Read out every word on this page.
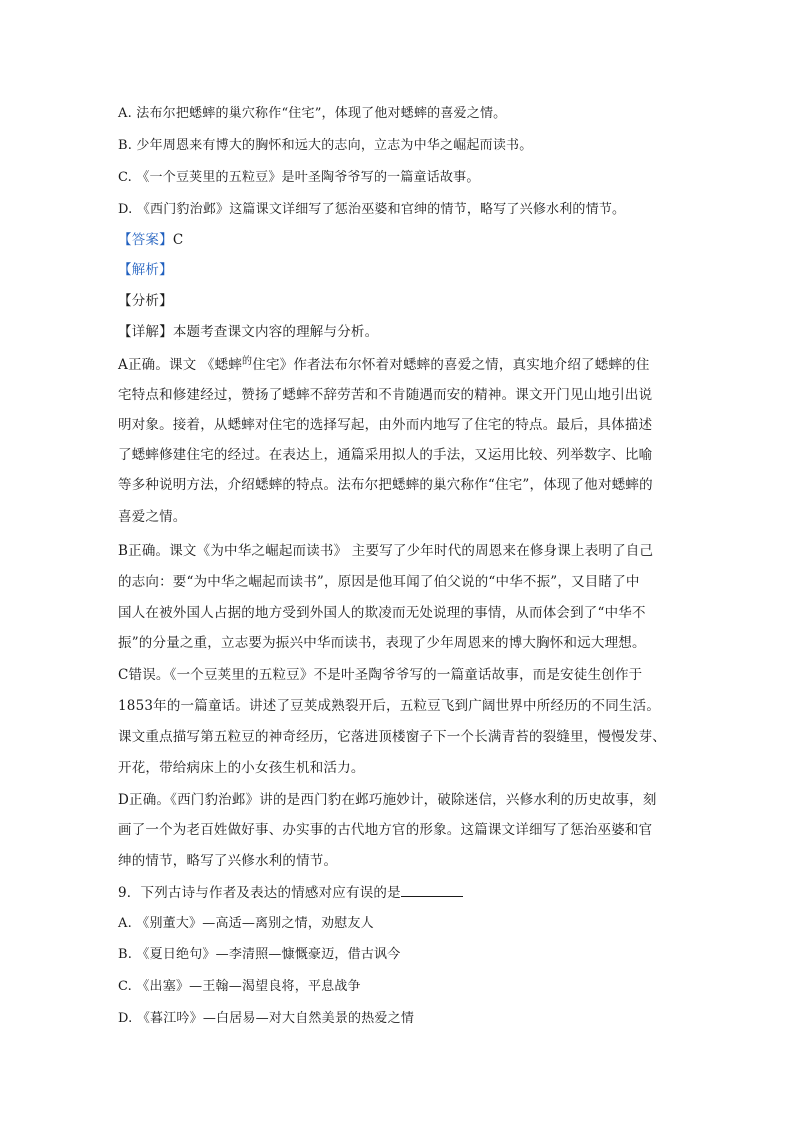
A. 法布尔把蟋蟀的巢穴称作“住宅”，体现了他对蟋蟀的喜爱之情。
B. 少年周恩来有博大的胸怀和远大的志向，立志为中华之崛起而读书。
C. 《一个豆荚里的五粒豆》是叶圣陶爷爷写的一篇童话故事。
D. 《西门豹治邺》这篇课文详细写了惩治巫婆和官绅的情节，略写了兴修水利的情节。
【答案】C
【解析】
【分析】
【详解】本题考查课文内容的理解与分析。
A正确。课文 《蟋蟀$^的$住宅》作者法布尔怀着对蟋蟀的喜爱之情，真实地介绍了蟋蟀的住
宅特点和修建经过，赞扬了蟋蟀不辞劳苦和不肯随遇而安的精神。课文开门见山地引出说
明对象。接着，从蟋蟀对住宅的选择写起，由外而内地写了住宅的特点。最后，具体描述
了蟋蟀修建住宅的经过。在表达上，通篇采用拟人的手法，又运用比较、列举数字、比喻
等多种说明方法，介绍蟋蟀的特点。法布尔把蟋蟀的巢穴称作“住宅”，体现了他对蟋蟀的
喜爱之情。
B正确。课文《为中华之崛起而读书》 主要写了少年时代的周恩来在修身课上表明了自己
的志向：要“为中华之崛起而读书”，原因是他耳闻了伯父说的“中华不振”，又目睹了中
国人在被外国人占据的地方受到外国人的欺凌而无处说理的事情，从而体会到了“中华不
振”的分量之重，立志要为振兴中华而读书，表现了少年周恩来的博大胸怀和远大理想。
C错误。《一个豆荚里的五粒豆》不是叶圣陶爷爷写的一篇童话故事，而是安徒生创作于
1853年的一篇童话。讲述了豆荚成熟裂开后，五粒豆飞到广阔世界中所经历的不同生活。
课文重点描写第五粒豆的神奇经历，它落进顶楼窗子下一个长满青苔的裂缝里，慢慢发芽、
开花，带给病床上的小女孩生机和活力。
D正确。《西门豹治邺》讲的是西门豹在邺巧施妙计，破除迷信，兴修水利的历史故事，刻
画了一个为老百姓做好事、办实事的古代地方官的形象。这篇课文详细写了惩治巫婆和官
绅的情节，略写了兴修水利的情节。
9．下列古诗与作者及表达的情感对应有误的是
A. 《别董大》—高适—离别之情，劝慰友人
B. 《夏日绝句》—李清照—慷慨豪迈，借古讽今
C. 《出塞》—王翰—渴望良将，平息战争
D. 《暮江吟》—白居易—对大自然美景的热爱之情
